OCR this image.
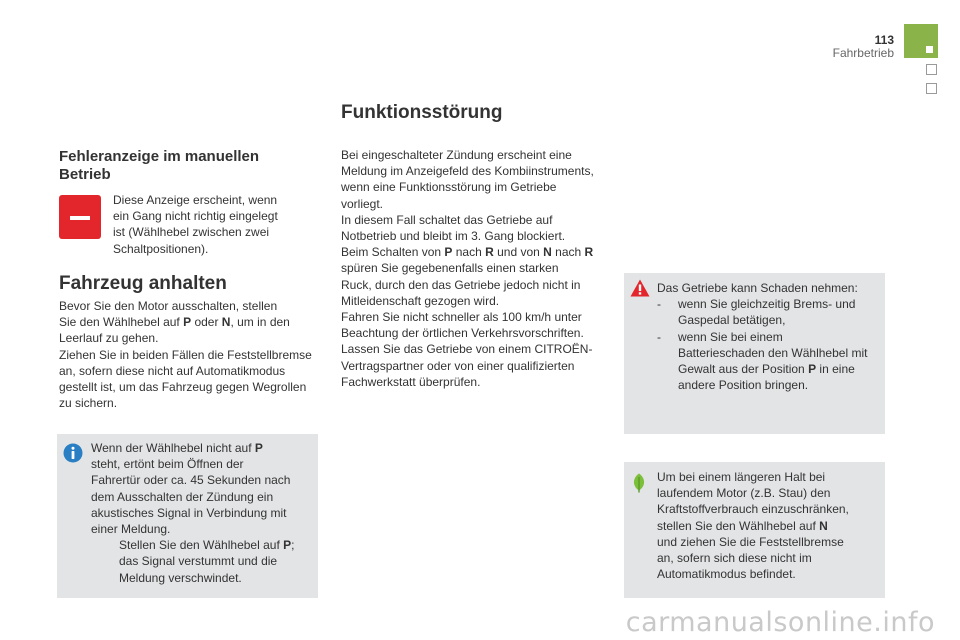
113
Fahrbetrieb
Fehleranzeige im manuellen
Betrieb
Diese Anzeige erscheint, wenn
ein Gang nicht richtig eingelegt
ist (Wählhebel zwischen zwei
Schaltpositionen).
Fahrzeug anhalten
Bevor Sie den Motor ausschalten, stellen
Sie den Wählhebel auf P oder N, um in den
Leerlauf zu gehen.
Ziehen Sie in beiden Fällen die Feststellbremse
an, sofern diese nicht auf Automatikmodus
gestellt ist, um das Fahrzeug gegen Wegrollen
zu sichern.
Wenn der Wählhebel nicht auf P
steht, ertönt beim Öffnen der
Fahrertür oder ca. 45 Sekunden nach
dem Ausschalten der Zündung ein
akustisches Signal in Verbindung mit
einer Meldung.
Stellen Sie den Wählhebel auf P;
das Signal verstummt und die
Meldung verschwindet.
Funktionsstörung
Bei eingeschalteter Zündung erscheint eine
Meldung im Anzeigefeld des Kombiinstruments,
wenn eine Funktionsstörung im Getriebe
vorliegt.
In diesem Fall schaltet das Getriebe auf
Notbetrieb und bleibt im 3. Gang blockiert.
Beim Schalten von P nach R und von N nach R
spüren Sie gegebenenfalls einen starken
Ruck, durch den das Getriebe jedoch nicht in
Mitleidenschaft gezogen wird.
Fahren Sie nicht schneller als 100 km/h unter
Beachtung der örtlichen Verkehrsvorschriften.
Lassen Sie das Getriebe von einem CITROËN-
Vertragspartner oder von einer qualifizierten
Fachwerkstatt überprüfen.
Das Getriebe kann Schaden nehmen:
-	wenn Sie gleichzeitig Brems- und
Gaspedal betätigen,
-	wenn Sie bei einem
Batterieschaden den Wählhebel mit
Gewalt aus der Position P in eine
andere Position bringen.
Um bei einem längeren Halt bei
laufendem Motor (z.B. Stau) den
Kraftstoffverbrauch einzuschränken,
stellen Sie den Wählhebel auf N
und ziehen Sie die Feststellbremse
an, sofern sich diese nicht im
Automatikmodus befindet.
carmanualsonline.info
